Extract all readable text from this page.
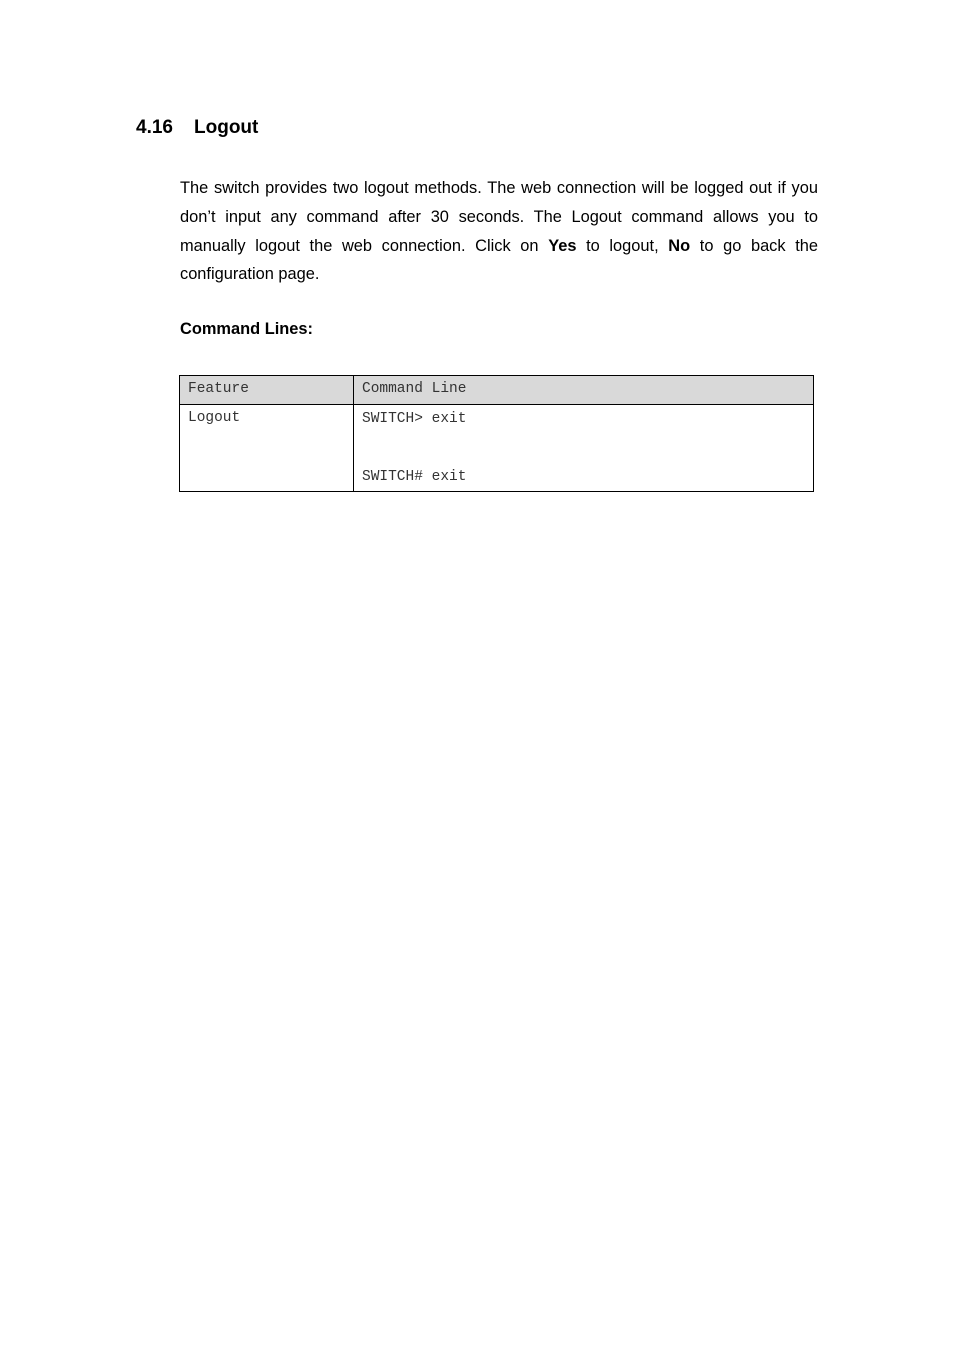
4.16 Logout

The switch provides two logout methods. The web connection will be logged out if you don’t input any command after 30 seconds. The Logout command allows you to manually logout the web connection. Click on Yes to logout, No to go back the configuration page.

Command Lines:

Feature	Command Line
Logout	SWITCH> exit
SWITCH# exit
